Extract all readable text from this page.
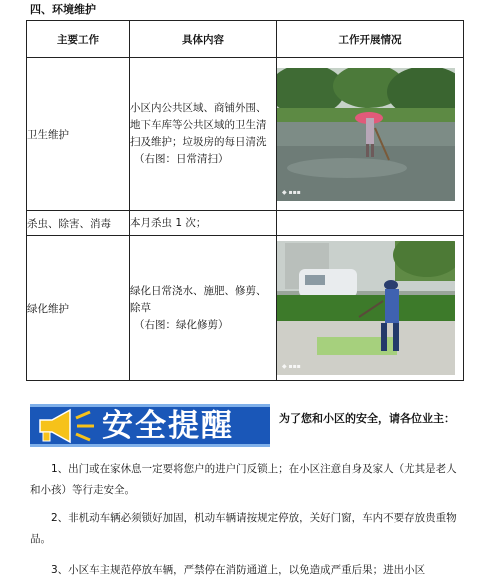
四、环境维护
主要工作	具体内容	工作开展情况
卫生维护	小区内公共区域、商铺外围、地下车库等公共区域的卫生清扫及维护；垃圾房的每日清洗
（右图：日常清扫）	◆ ▪▪▪

杀虫、除害、消毒	本月杀虫 1 次；	
绿化维护	绿化日常浇水、施肥、修剪、除草
（右图：绿化修剪）	◆ ▪▪▪
安全提醒	为了您和小区的安全，请各位业主：
1、出门或在家休息一定要将您户的进户门反锁上；在小区注意自身及家人（尤其是老人和小孩）等行走安全。
2、非机动车辆必须锁好加固，机动车辆请按规定停放，关好门窗，车内不要存放贵重物品。
3、小区车主规范停放车辆，严禁停在消防通道上，以免造成严重后果；进出小区
